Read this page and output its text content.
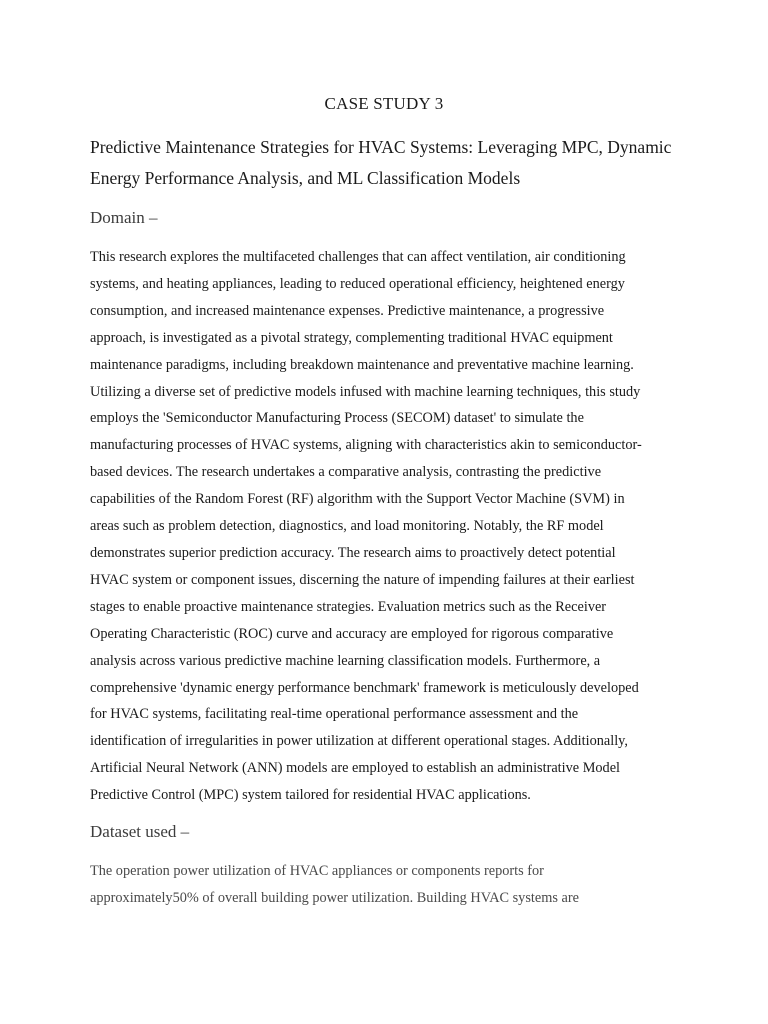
CASE STUDY 3
Predictive Maintenance Strategies for HVAC Systems: Leveraging MPC, Dynamic
Energy Performance Analysis, and ML Classification Models
Domain –
This research explores the multifaceted challenges that can affect ventilation, air conditioning
systems, and heating appliances, leading to reduced operational efficiency, heightened energy
consumption, and increased maintenance expenses. Predictive maintenance, a progressive
approach, is investigated as a pivotal strategy, complementing traditional HVAC equipment
maintenance paradigms, including breakdown maintenance and preventative machine learning.
Utilizing a diverse set of predictive models infused with machine learning techniques, this study
employs the 'Semiconductor Manufacturing Process (SECOM) dataset' to simulate the
manufacturing processes of HVAC systems, aligning with characteristics akin to semiconductor-
based devices. The research undertakes a comparative analysis, contrasting the predictive
capabilities of the Random Forest (RF) algorithm with the Support Vector Machine (SVM) in
areas such as problem detection, diagnostics, and load monitoring. Notably, the RF model
demonstrates superior prediction accuracy. The research aims to proactively detect potential
HVAC system or component issues, discerning the nature of impending failures at their earliest
stages to enable proactive maintenance strategies. Evaluation metrics such as the Receiver
Operating Characteristic (ROC) curve and accuracy are employed for rigorous comparative
analysis across various predictive machine learning classification models. Furthermore, a
comprehensive 'dynamic energy performance benchmark' framework is meticulously developed
for HVAC systems, facilitating real-time operational performance assessment and the
identification of irregularities in power utilization at different operational stages. Additionally,
Artificial Neural Network (ANN) models are employed to establish an administrative Model
Predictive Control (MPC) system tailored for residential HVAC applications.
Dataset used –
The operation power utilization of HVAC appliances or components reports for
approximately50% of overall building power utilization. Building HVAC systems are
